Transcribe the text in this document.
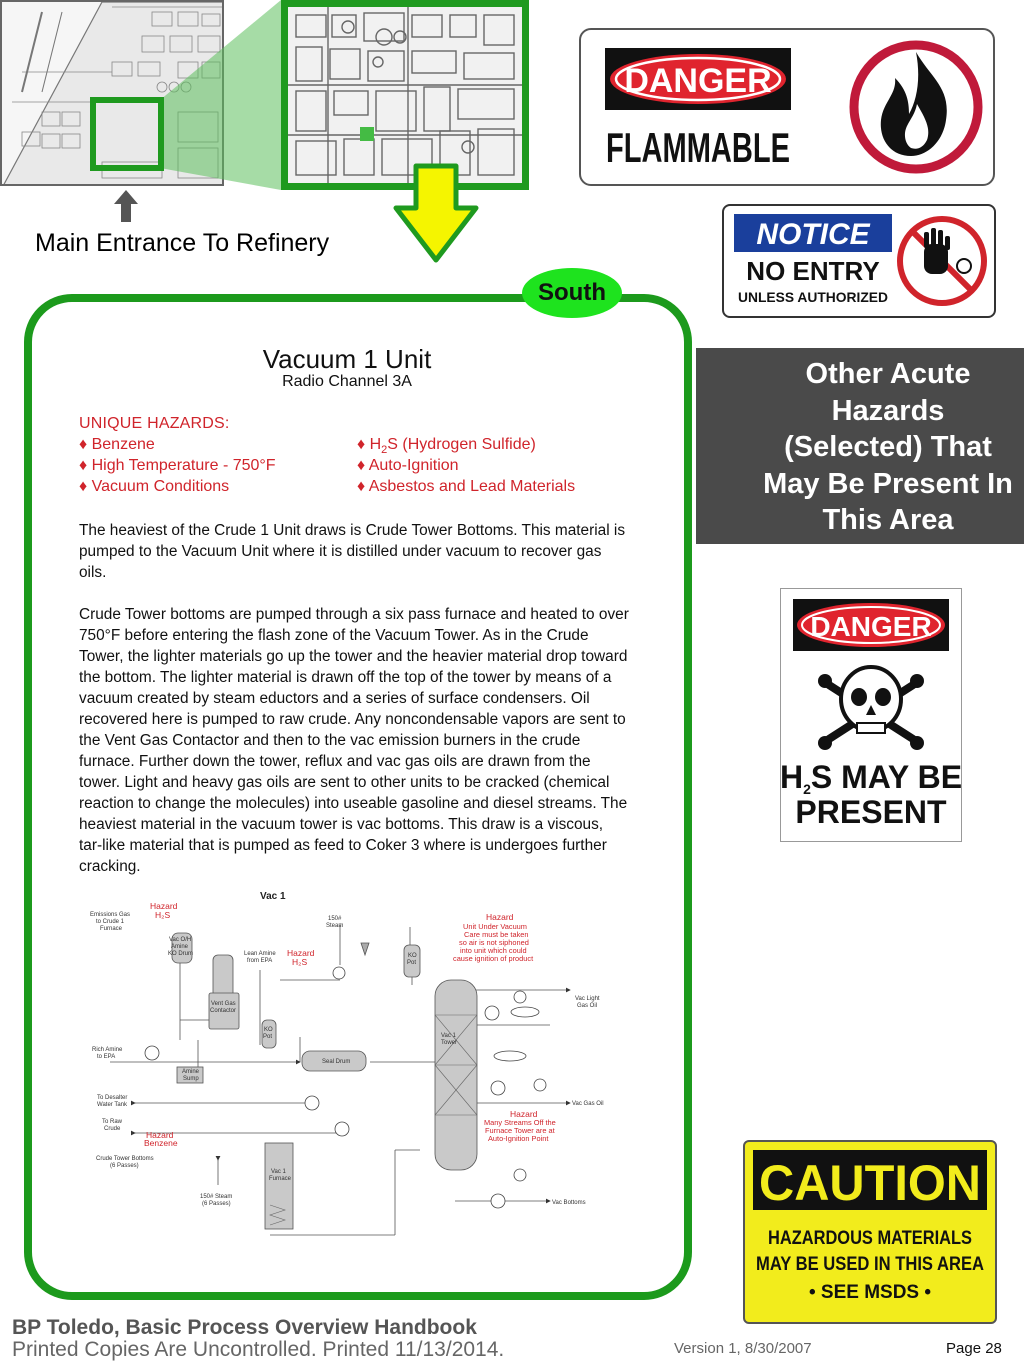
Main Entrance To Refinery
South
Vacuum 1 Unit
Radio Channel 3A
UNIQUE HAZARDS:
♦ Benzene
♦ High Temperature - 750°F
♦ Vacuum Conditions
♦ $H_2S$ (Hydrogen Sulfide)
♦ Auto-Ignition
♦ Asbestos and Lead Materials
The heaviest of the Crude 1 Unit draws is Crude Tower Bottoms. This material is pumped to the Vacuum Unit where it is distilled under vacuum to recover gas oils.
Crude Tower bottoms are pumped through a six pass furnace and heated to over 750°F before entering the flash zone of the Vacuum Tower. As in the Crude Tower, the lighter materials go up the tower and the heavier material drop toward the bottom. The lighter material is drawn off the top of the tower by means of a vacuum created by steam eductors and a series of surface condensers. Oil recovered here is pumped to raw crude. Any noncondensable vapors are sent to the Vent Gas Contactor and then to the vac emission burners in the crude furnace. Further down the tower, reflux and vac gas oils are drawn from the tower. Light and heavy gas oils are sent to other units to be cracked (chemical reaction to change the molecules) into useable gasoline and diesel streams. The heaviest material in the vacuum tower is vac bottoms. This draw is a viscous, tar-like material that is pumped as feed to Coker 3 where is undergoes further cracking.
Vac 1
Emissions Gas
to Crude 1
Furnace
Vac O/H
Amine
KO Drum	Lean Amine
from EPA
150#
Steam
KO
Pot
Vent Gas
Contactor
KO
Pot
Vac Light
Gas Oil
Rich Amine
to EPA
Seal Drum
Vac 1
Tower
Amine
Sump
To Desalter
Water Tank	Vac Gas Oil
To Raw
Crude
Crude Tower Bottoms
(6 Passes)
Vac 1
Furnace
150# Steam
(6 Passes)	Vac Bottoms
Hazard
H₂S
Hazard
H₂S
Hazard
Unit Under Vacuum
Care must be taken
so air is not siphoned
into unit which could
cause ignition of product
Hazard
Many Streams Off the
Furnace Tower are at
Auto-Ignition Point
Hazard
Benzene
DANGER
FLAMMABLE
NOTICE
NO ENTRY
UNLESS AUTHORIZED
Other Acute Hazards (Selected) That May Be Present In This Area
DANGER
H2S MAY BE
PRESENT
CAUTION
HAZARDOUS MATERIALS
MAY BE USED IN THIS AREA
• SEE MSDS •
BP Toledo, Basic Process Overview Handbook
Printed Copies Are Uncontrolled. Printed 11/13/2014.	Version 1, 8/30/2007	Page 28
